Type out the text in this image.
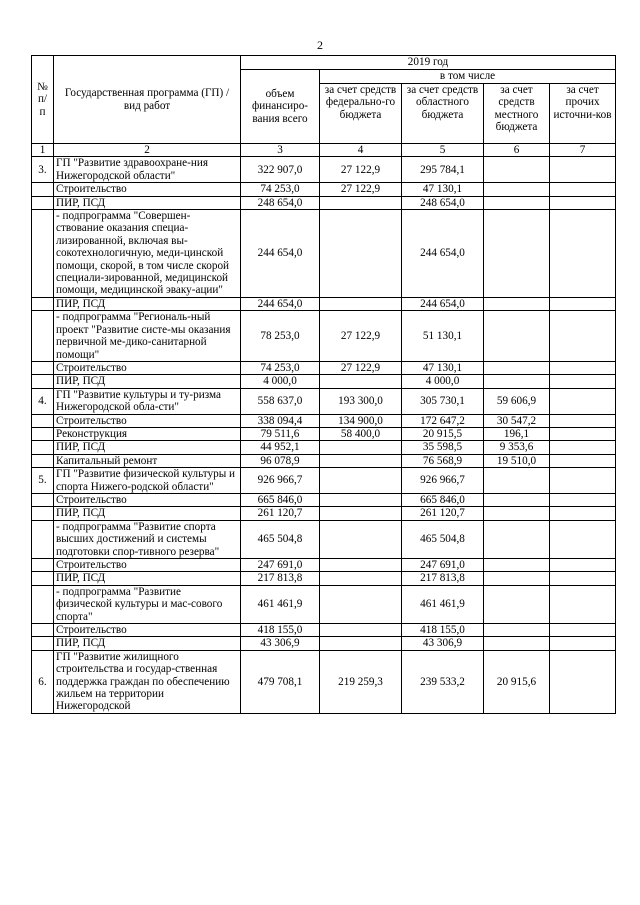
2
№ п/ п	Государственная программа (ГП) / вид работ	2019 год				
		объем финансиро-вания всего	в том числе			
			за счет средств федерально-го бюджета	за счет средств областного бюджета	за счет средств местного бюджета	за счет прочих источни-ков
1	2	3	4	5	6	7
3.	ГП "Развитие здравоохране-ния Нижегородской области"	322 907,0	27 122,9	295 784,1		
	Строительство	74 253,0	27 122,9	47 130,1		
	ПИР, ПСД	248 654,0		248 654,0		
	- подпрограмма "Совершен-ствование оказания специа-лизированной, включая вы-сокотехнологичную, меди-цинской помощи, скорой, в том числе скорой специали-зированной, медицинской помощи, медицинской эваку-ации"	244 654,0		244 654,0		
	ПИР, ПСД	244 654,0		244 654,0		
	- подпрограмма "Региональ-ный проект "Развитие систе-мы оказания первичной ме-дико-санитарной помощи"	78 253,0	27 122,9	51 130,1		
	Строительство	74 253,0	27 122,9	47 130,1		
	ПИР, ПСД	4 000,0		4 000,0		
4.	ГП "Развитие культуры и ту-ризма Нижегородской обла-сти"	558 637,0	193 300,0	305 730,1	59 606,9	
	Строительство	338 094,4	134 900,0	172 647,2	30 547,2	
	Реконструкция	79 511,6	58 400,0	20 915,5	196,1	
	ПИР, ПСД	44 952,1		35 598,5	9 353,6	
	Капитальный ремонт	96 078,9		76 568,9	19 510,0	
5.	ГП "Развитие физической культуры и спорта Нижего-родской области"	926 966,7		926 966,7		
	Строительство	665 846,0		665 846,0		
	ПИР, ПСД	261 120,7		261 120,7		
	- подпрограмма "Развитие спорта высших достижений и системы подготовки спор-тивного резерва"	465 504,8		465 504,8		
	Строительство	247 691,0		247 691,0		
	ПИР, ПСД	217 813,8		217 813,8		
	- подпрограмма "Развитие физической культуры и мас-сового спорта"	461 461,9		461 461,9		
	Строительство	418 155,0		418 155,0		
	ПИР, ПСД	43 306,9		43 306,9		
6.	ГП "Развитие жилищного строительства и государ-ственная поддержка граждан по обеспечению жильем на территории Нижегородской	479 708,1	219 259,3	239 533,2	20 915,6	
